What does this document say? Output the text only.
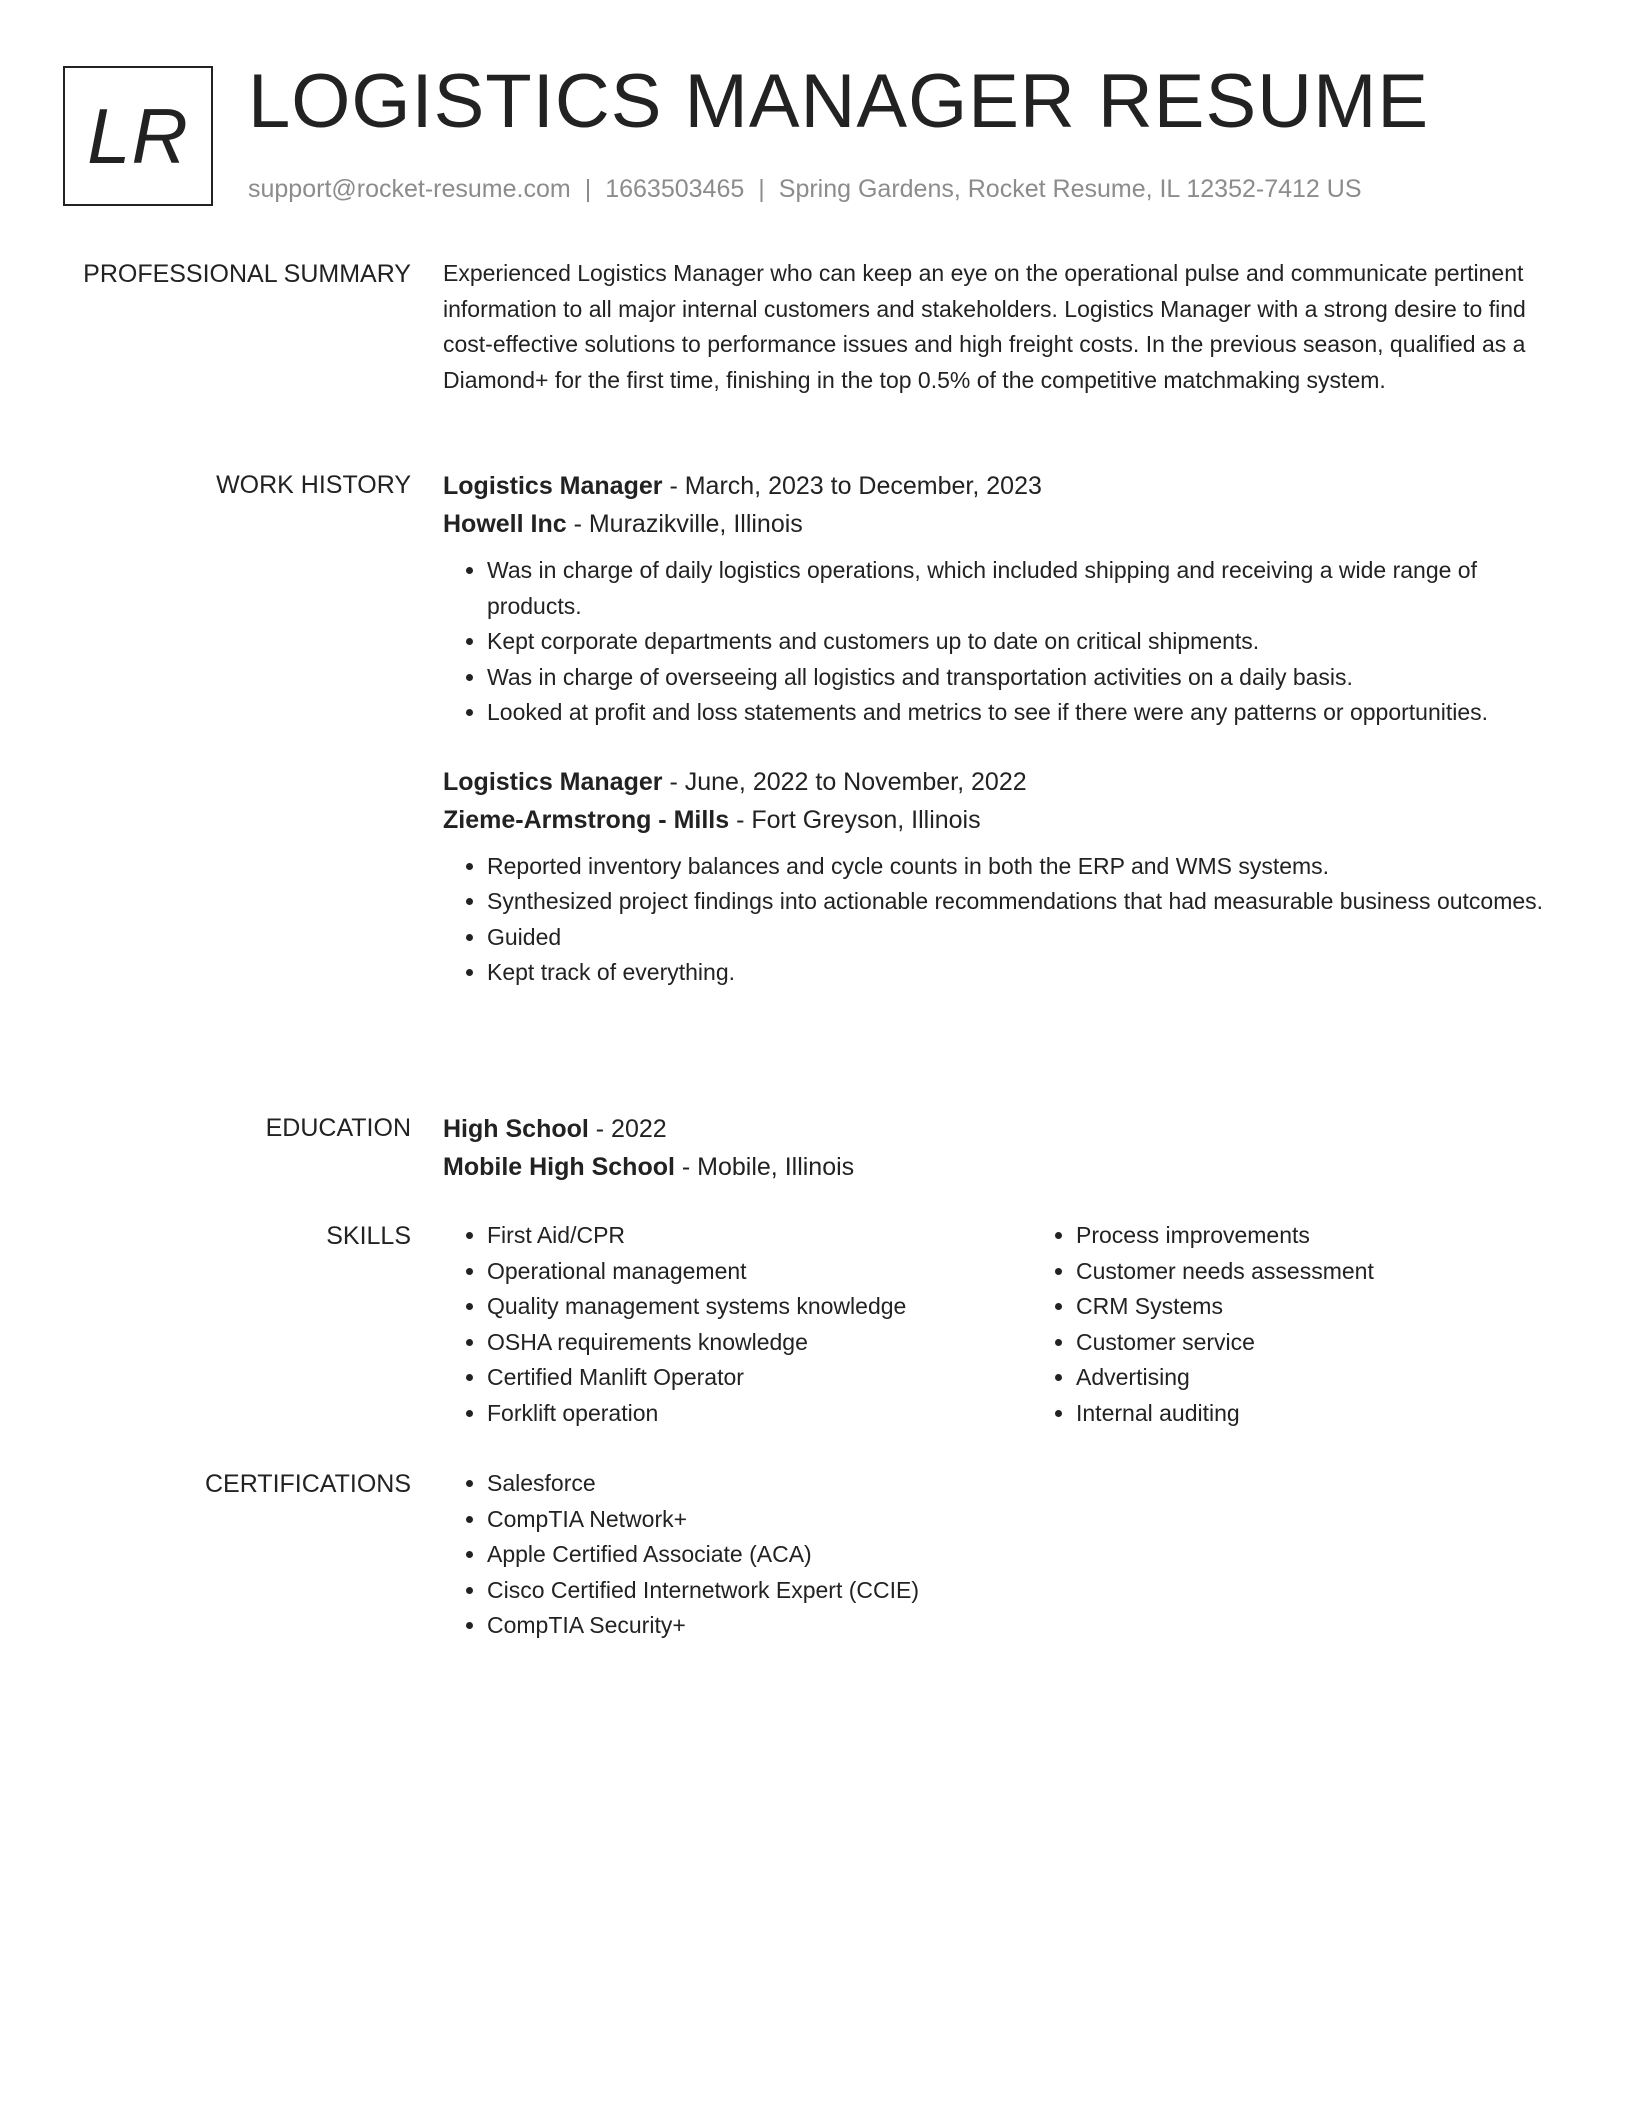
LR LOGISTICS MANAGER RESUME
support@rocket-resume.com | 1663503465 | Spring Gardens, Rocket Resume, IL 12352-7412 US
PROFESSIONAL SUMMARY Experienced Logistics Manager who can keep an eye on the operational pulse and communicate pertinent information to all major internal customers and stakeholders. Logistics Manager with a strong desire to find cost-effective solutions to performance issues and high freight costs. In the previous season, qualified as a Diamond+ for the first time, finishing in the top 0.5% of the competitive matchmaking system.

WORK HISTORY Logistics Manager - March, 2023 to December, 2023

Howell Inc - Murazikville, Illinois

• Was in charge of daily logistics operations, which included shipping and receiving a wide range of products.
• Kept corporate departments and customers up to date on critical shipments.
• Was in charge of overseeing all logistics and transportation activities on a daily basis.
• Looked at profit and loss statements and metrics to see if there were any patterns or opportunities.

Logistics Manager - June, 2022 to November, 2022

Zieme-Armstrong - Mills - Fort Greyson, Illinois

• Reported inventory balances and cycle counts in both the ERP and WMS systems.
• Synthesized project findings into actionable recommendations that had measurable business outcomes.
• Guided
• Kept track of everything.
EDUCATION High School - 2022

Mobile High School - Mobile, Illinois

SKILLS	• First Aid/CPR
• Operational management
• Quality management systems knowledge
• OSHA requirements knowledge
• Certified Manlift Operator
• Forklift operation
• Process improvements
• Customer needs assessment
• CRM Systems
• Customer service
• Advertising
• Internal auditing
CERTIFICATIONS	• Salesforce
• CompTIA Network+
• Apple Certified Associate (ACA)
• Cisco Certified Internetwork Expert (CCIE)
• CompTIA Security+
